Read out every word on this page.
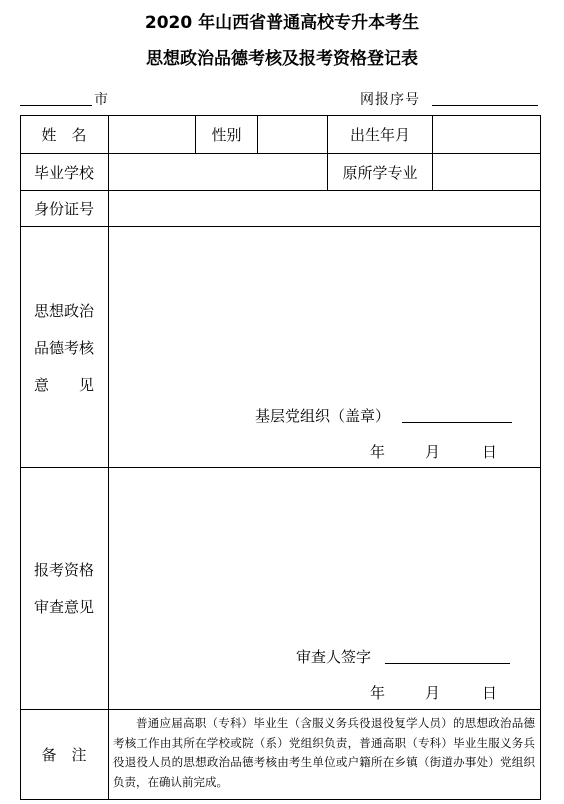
2020 年山西省普通高校专升本考生
思想政治品德考核及报考资格登记表
市	网报序号
姓　名	性别	出生年月
毕业学校	原所学专业
身份证号
思想政治
品德考核
意　　见
基层党组织（盖章）
年	月	日
报考资格
审查意见
审查人签字
年	月	日
备　注
普通应届高职（专科）毕业生（含服义务兵役退役复学人员）的思想政治品德考核工作由其所在学校或院（系）党组织负责，普通高职（专科）毕业生服义务兵役退役人员的思想政治品德考核由考生单位或户籍所在乡镇（街道办事处）党组织负责，在确认前完成。
